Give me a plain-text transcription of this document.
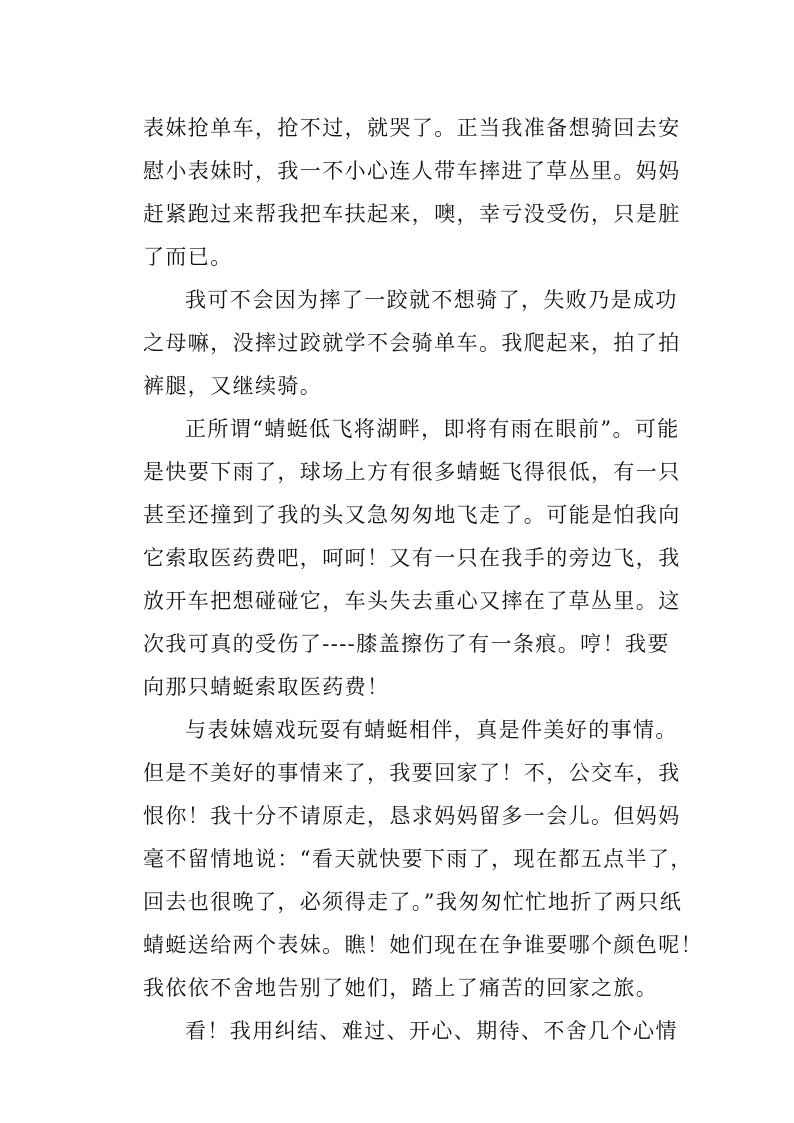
表妹抢单车，抢不过，就哭了。正当我准备想骑回去安

慰小表妹时，我一不小心连人带车摔进了草丛里。妈妈

赶紧跑过来帮我把车扶起来，噢，幸亏没受伤，只是脏

了而已。

我可不会因为摔了一跤就不想骑了，失败乃是成功

之母嘛，没摔过跤就学不会骑单车。我爬起来，拍了拍

裤腿，又继续骑。

正所谓“蜻蜓低飞将湖畔，即将有雨在眼前”。可能

是快要下雨了，球场上方有很多蜻蜓飞得很低，有一只

甚至还撞到了我的头又急匆匆地飞走了。可能是怕我向

它索取医药费吧，呵呵！又有一只在我手的旁边飞，我

放开车把想碰碰它，车头失去重心又摔在了草丛里。这

次我可真的受伤了----膝盖擦伤了有一条痕。哼！我要

向那只蜻蜓索取医药费！

与表妹嬉戏玩耍有蜻蜓相伴，真是件美好的事情。

但是不美好的事情来了，我要回家了！不，公交车，我

恨你！我十分不请原走，恳求妈妈留多一会儿。但妈妈

毫不留情地说：“看天就快要下雨了，现在都五点半了，

回去也很晚了，必须得走了。”我匆匆忙忙地折了两只纸

蜻蜓送给两个表妹。瞧！她们现在在争谁要哪个颜色呢！

我依依不舍地告别了她们，踏上了痛苦的回家之旅。

看！我用纠结、难过、开心、期待、不舍几个心情
